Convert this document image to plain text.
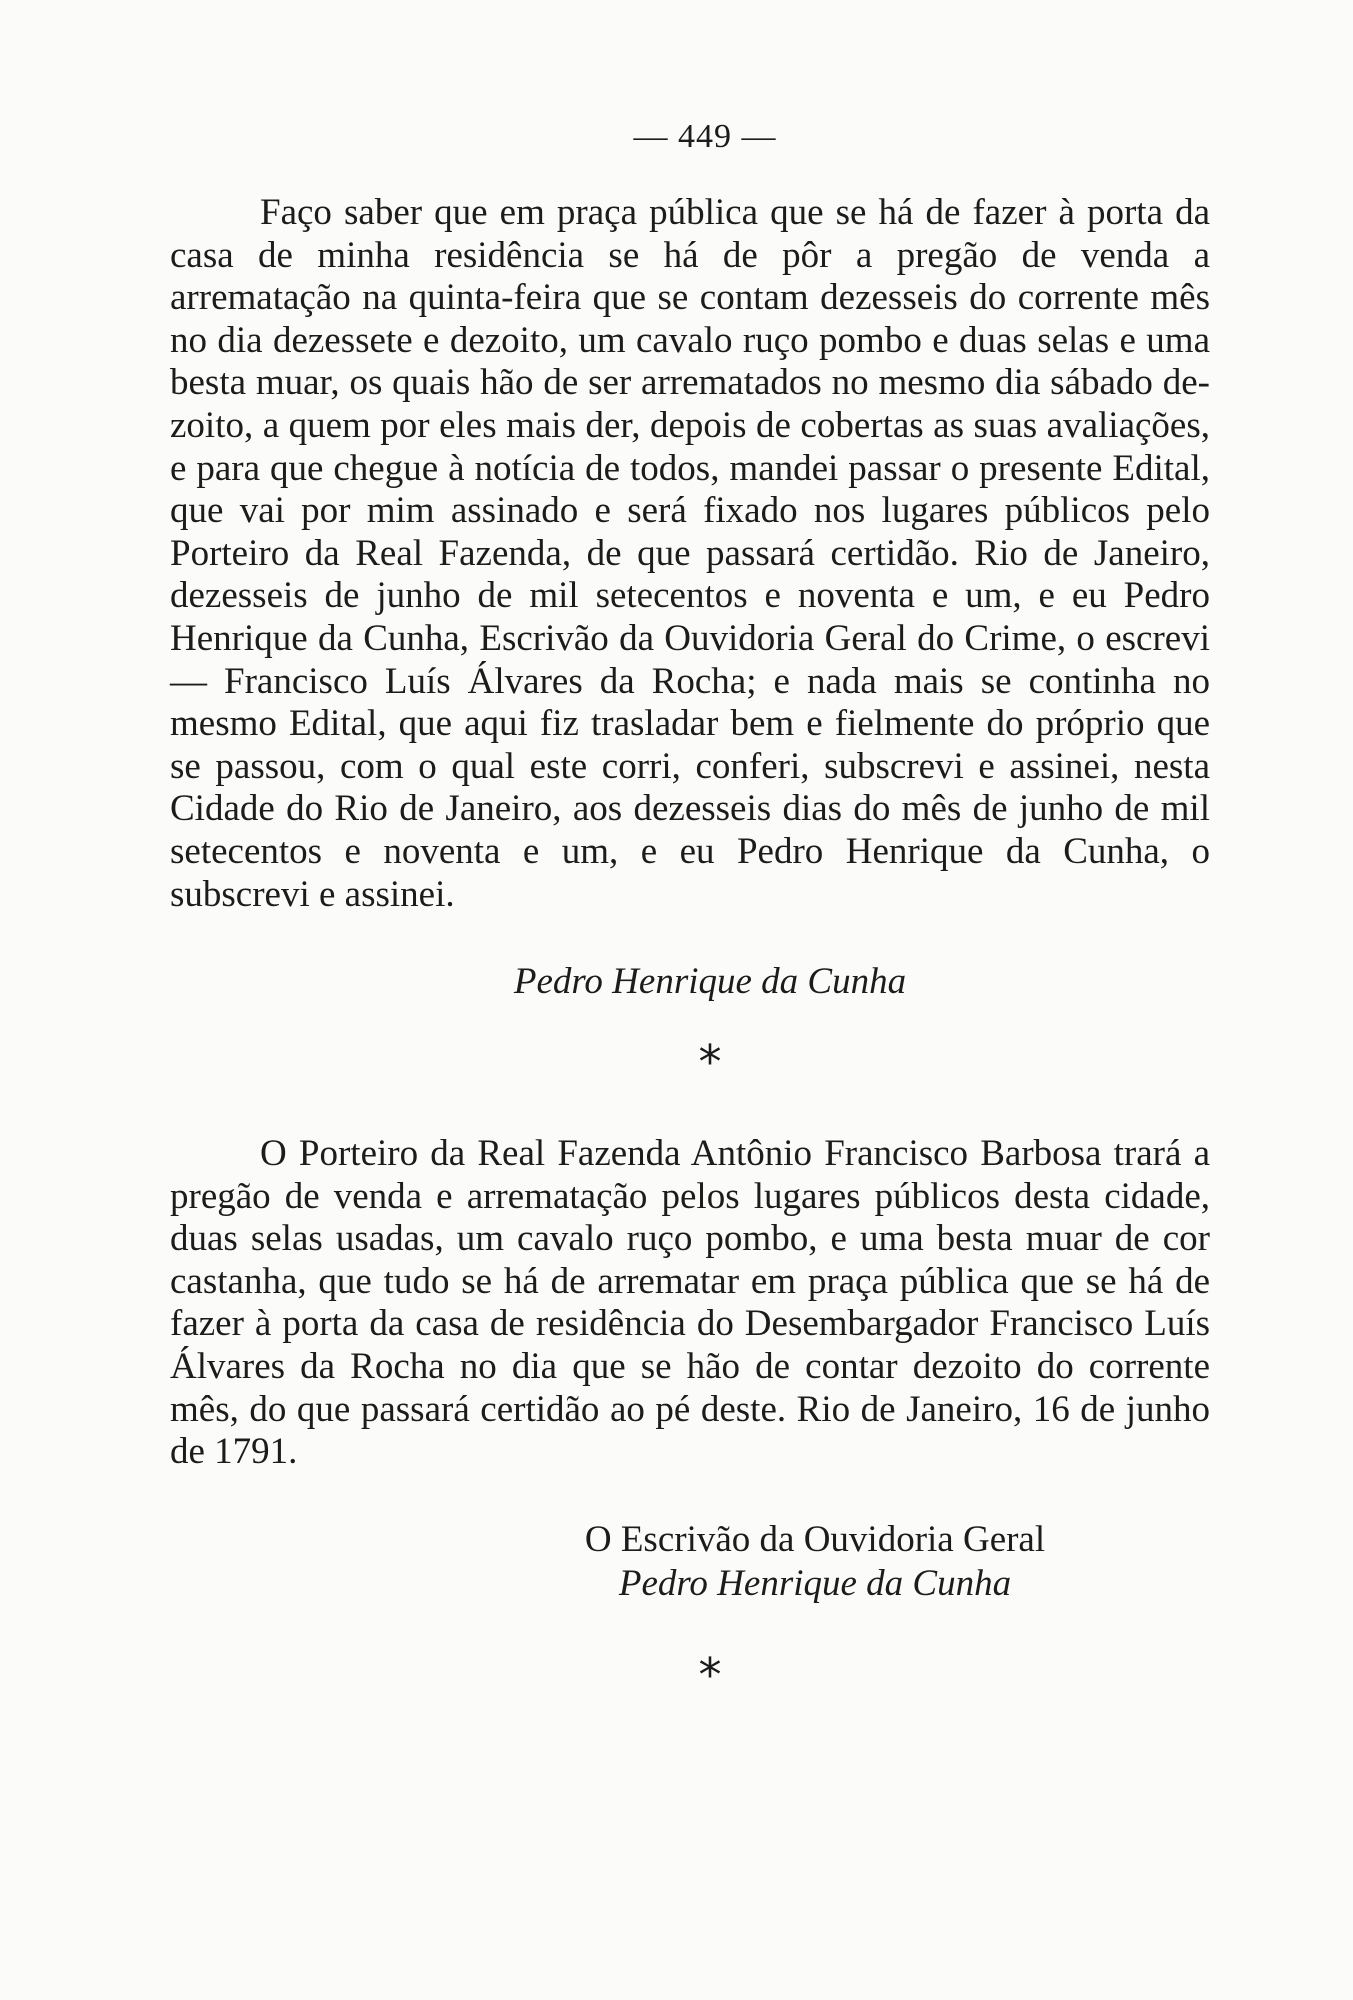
— 449 —

Faço saber que em praça pública que se há de fazer à porta da casa de minha residência se há de pôr a pregão de venda a arrematação na quinta-feira que se contam dezesseis do corrente mês no dia dezessete e dezoito, um cavalo ruço pombo e duas selas e uma besta muar, os quais hão de ser arrematados no mesmo dia sábado dezoito, a quem por eles mais der, depois de cobertas as suas avaliações, e para que chegue à notícia de todos, mandei passar o presente Edital, que vai por mim assinado e será fixado nos lugares públicos pelo Porteiro da Real Fazenda, de que passará certidão. Rio de Janeiro, dezesseis de junho de mil setecentos e noventa e um, e eu Pedro Henrique da Cunha, Escrivão da Ouvidoria Geral do Crime, o escrevi — Francisco Luís Álvares da Rocha; e nada mais se continha no mesmo Edital, que aqui fiz trasladar bem e fielmente do próprio que se passou, com o qual este corri, conferi, subscrevi e assinei, nesta Cidade do Rio de Janeiro, aos dezesseis dias do mês de junho de mil setecentos e noventa e um, e eu Pedro Henrique da Cunha, o subscrevi e assinei.

Pedro Henrique da Cunha
*

O Porteiro da Real Fazenda Antônio Francisco Barbosa trará a pregão de venda e arrematação pelos lugares públicos desta cidade, duas selas usadas, um cavalo ruço pombo, e uma besta muar de cor castanha, que tudo se há de arrematar em praça pública que se há de fazer à porta da casa de residência do Desembargador Francisco Luís Álvares da Rocha no dia que se hão de contar dezoito do corrente mês, do que passará certidão ao pé deste. Rio de Janeiro, 16 de junho de 1791.

O Escrivão da Ouvidoria Geral
Pedro Henrique da Cunha
*
